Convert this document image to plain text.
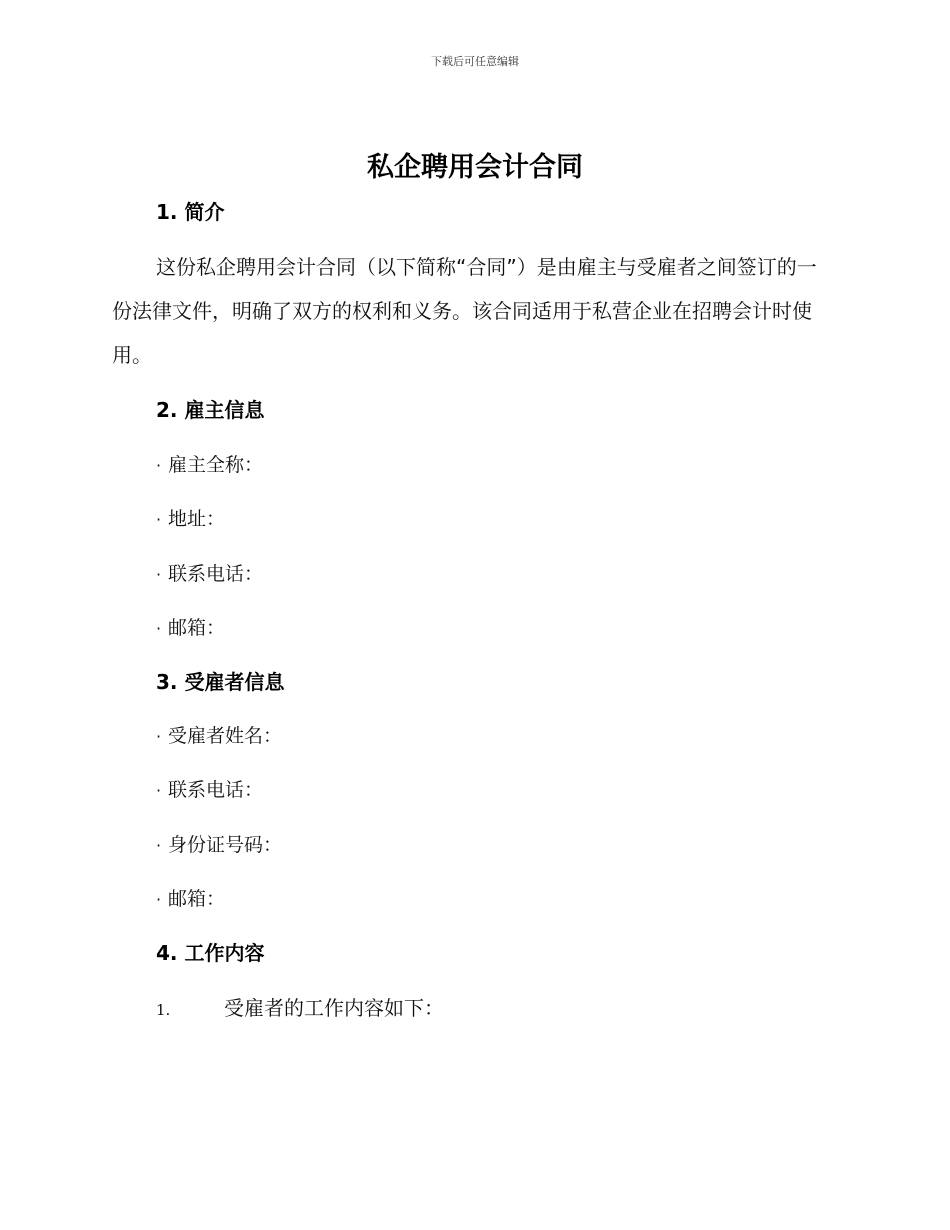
下载后可任意编辑
私企聘用会计合同
1. 简介
这份私企聘用会计合同（以下简称“合同”）是由雇主与受雇者之间签订的一份法律文件，明确了双方的权利和义务。该合同适用于私营企业在招聘会计时使用。
2. 雇主信息
· 雇主全称：
· 地址：
· 联系电话：
· 邮箱：
3. 受雇者信息
· 受雇者姓名：
· 联系电话：
· 身份证号码：
· 邮箱：
4. 工作内容
1.	受雇者的工作内容如下：
